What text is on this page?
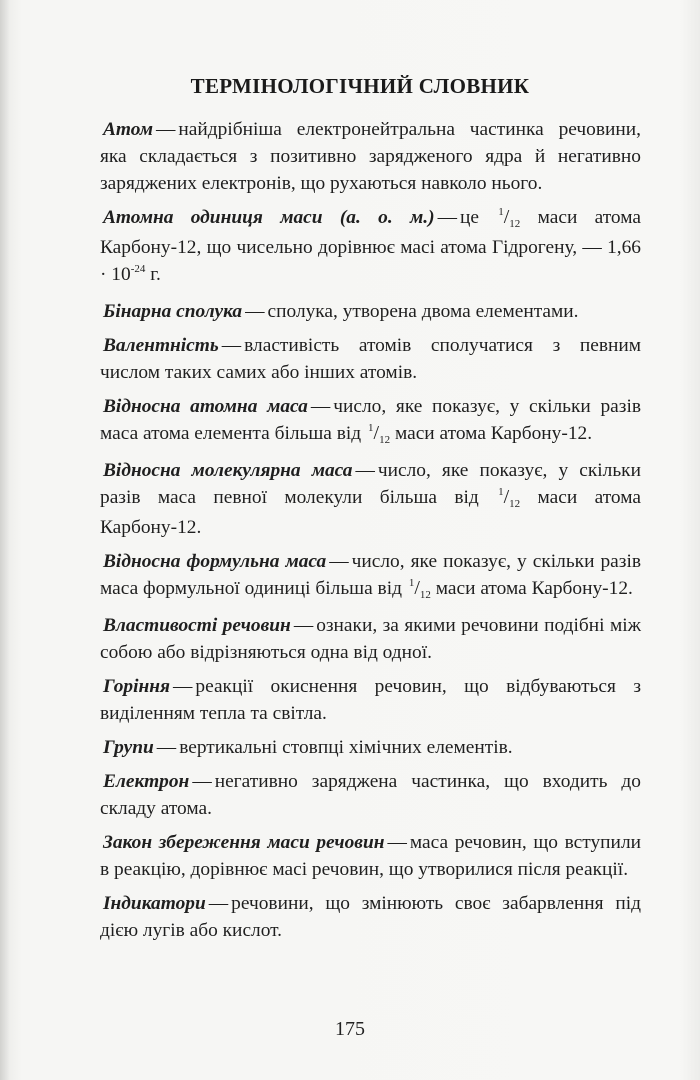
ТЕРМІНОЛОГІЧНИЙ СЛОВНИК

Атом — найдрібніша електронейтральна частинка речовини, яка складається з позитивно зарядженого ядра й негативно заряджених електронів, що рухаються навколо нього.

Атомна одиниця маси (а. о. м.) — це $^1/_{12}$ маси атома Карбону-12, що чисельно дорівнює масі атома Гідрогену, — $1,66 \cdot 10^{-24}$ г.

Бінарна сполука — сполука, утворена двома елементами.

Валентність — властивість атомів сполучатися з певним числом таких самих або інших атомів.

Відносна атомна маса — число, яке показує, у скільки разів маса атома елемента більша від $^1/_{12}$ маси атома Карбону-12.

Відносна молекулярна маса — число, яке показує, у скільки разів маса певної молекули більша від $^1/_{12}$ маси атома Карбону-12.

Відносна формульна маса — число, яке показує, у скільки разів маса формульної одиниці більша від $^1/_{12}$ маси атома Карбону-12.

Властивості речовин — ознаки, за якими речовини подібні між собою або відрізняються одна від одної.

Горіння — реакції окиснення речовин, що відбуваються з виділенням тепла та світла.

Групи — вертикальні стовпці хімічних елементів.

Електрон — негативно заряджена частинка, що входить до складу атома.

Закон збереження маси речовин — маса речовин, що вступили в реакцію, дорівнює масі речовин, що утворилися після реакції.

Індикатори — речовини, що змінюють своє забарвлення під дією лугів або кислот.

175
